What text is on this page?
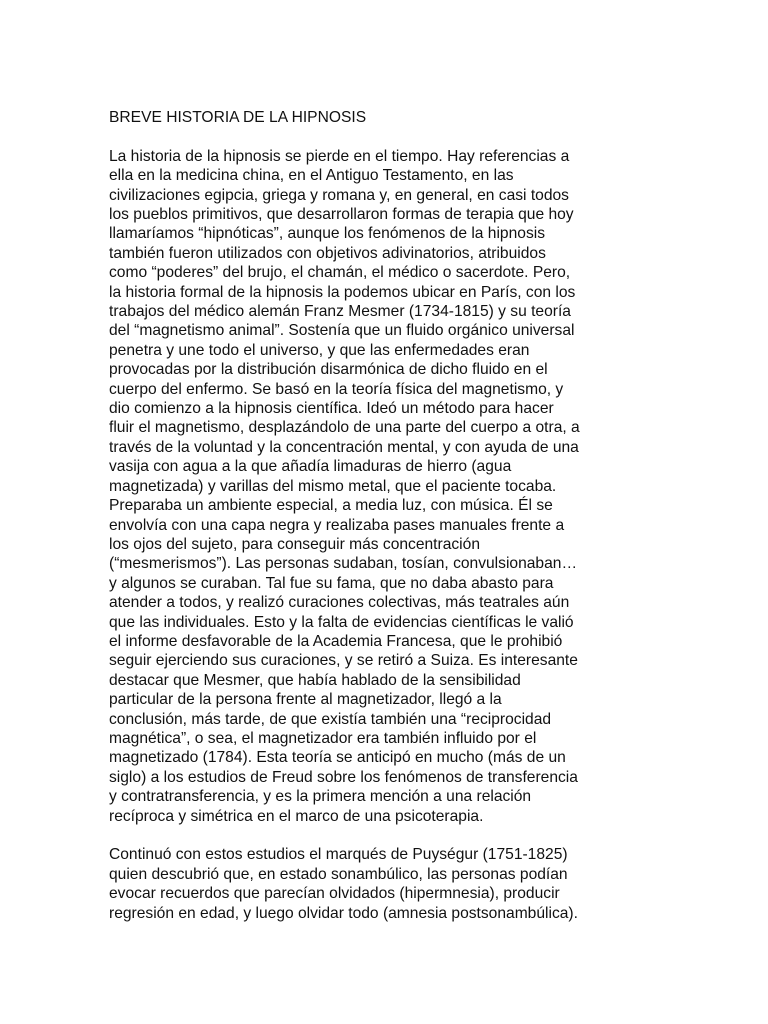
BREVE HISTORIA DE LA HIPNOSIS
La historia de la hipnosis se pierde en el tiempo. Hay referencias a
ella en la medicina china, en el Antiguo Testamento, en las
civilizaciones egipcia, griega y romana y, en general, en casi todos
los pueblos primitivos, que desarrollaron formas de terapia que hoy
llamaríamos “hipnóticas”, aunque los fenómenos de la hipnosis
también fueron utilizados con objetivos adivinatorios, atribuidos
como “poderes” del brujo, el chamán, el médico o sacerdote. Pero,
la historia formal de la hipnosis la podemos ubicar en París, con los
trabajos del médico alemán Franz Mesmer (1734-1815) y su teoría
del “magnetismo animal”. Sostenía que un fluido orgánico universal
penetra y une todo el universo, y que las enfermedades eran
provocadas por la distribución disarmónica de dicho fluido en el
cuerpo del enfermo. Se basó en la teoría física del magnetismo, y
dio comienzo a la hipnosis científica. Ideó un método para hacer
fluir el magnetismo, desplazándolo de una parte del cuerpo a otra, a
través de la voluntad y la concentración mental, y con ayuda de una
vasija con agua a la que añadía limaduras de hierro (agua
magnetizada) y varillas del mismo metal, que el paciente tocaba.
Preparaba un ambiente especial, a media luz, con música. Él se
envolvía con una capa negra y realizaba pases manuales frente a
los ojos del sujeto, para conseguir más concentración
(“mesmerismos”). Las personas sudaban, tosían, convulsionaban…
y algunos se curaban. Tal fue su fama, que no daba abasto para
atender a todos, y realizó curaciones colectivas, más teatrales aún
que las individuales. Esto y la falta de evidencias científicas le valió
el informe desfavorable de la Academia Francesa, que le prohibió
seguir ejerciendo sus curaciones, y se retiró a Suiza. Es interesante
destacar que Mesmer, que había hablado de la sensibilidad
particular de la persona frente al magnetizador, llegó a la
conclusión, más tarde, de que existía también una “reciprocidad
magnética”, o sea, el magnetizador era también influido por el
magnetizado (1784). Esta teoría se anticipó en mucho (más de un
siglo) a los estudios de Freud sobre los fenómenos de transferencia
y contratransferencia, y es la primera mención a una relación
recíproca y simétrica en el marco de una psicoterapia.
Continuó con estos estudios el marqués de Puységur (1751-1825)
quien descubrió que, en estado sonambúlico, las personas podían
evocar recuerdos que parecían olvidados (hipermnesia), producir
regresión en edad, y luego olvidar todo (amnesia postsonambúlica).
